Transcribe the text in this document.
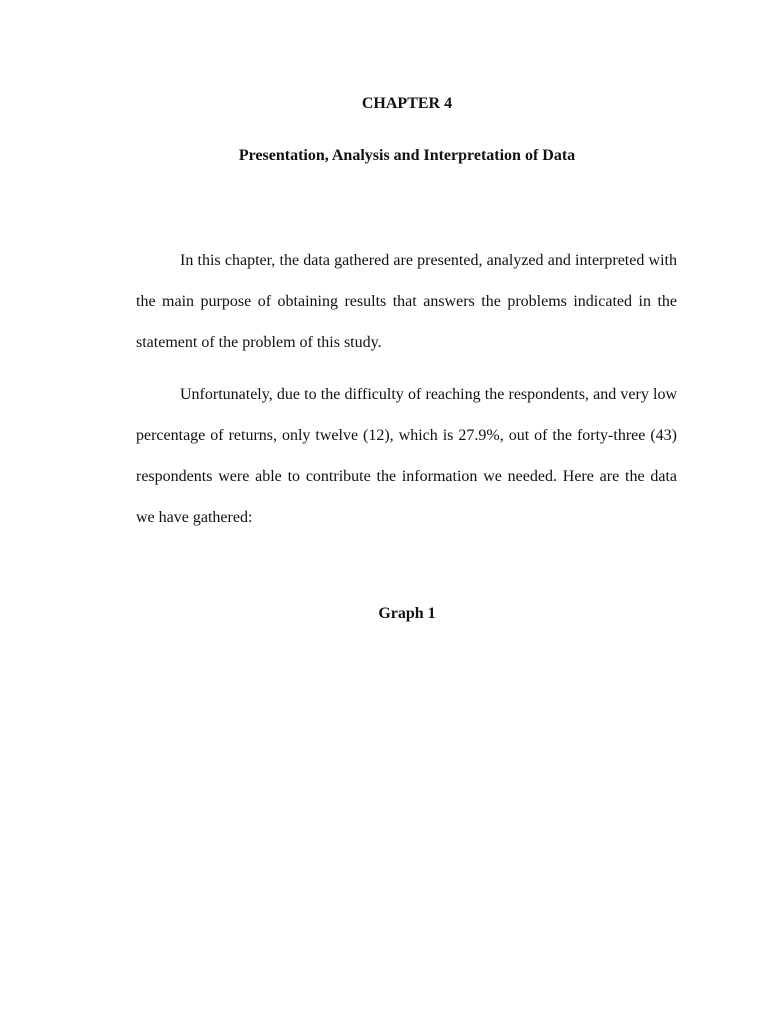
CHAPTER 4
Presentation, Analysis and Interpretation of Data

In this chapter, the data gathered are presented, analyzed and interpreted with the main purpose of obtaining results that answers the problems indicated in the statement of the problem of this study.

Unfortunately, due to the difficulty of reaching the respondents, and very low percentage of returns, only twelve (12), which is 27.9%, out of the forty-three (43) respondents were able to contribute the information we needed. Here are the data we have gathered:

Graph 1
